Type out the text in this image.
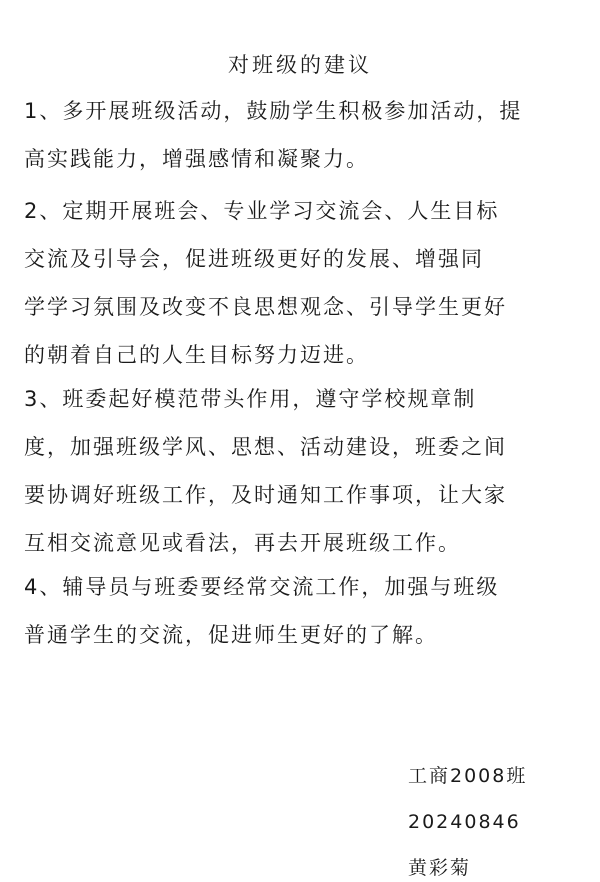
对班级的建议
1、多开展班级活动，鼓励学生积极参加活动，提
高实践能力，增强感情和凝聚力。
2、定期开展班会、专业学习交流会、人生目标
交流及引导会，促进班级更好的发展、增强同
学学习氛围及改变不良思想观念、引导学生更好
的朝着自己的人生目标努力迈进。
3、班委起好模范带头作用，遵守学校规章制
度，加强班级学风、思想、活动建设，班委之间
要协调好班级工作，及时通知工作事项，让大家
互相交流意见或看法，再去开展班级工作。
4、辅导员与班委要经常交流工作，加强与班级
普通学生的交流，促进师生更好的了解。
工商2008班
20240846
黄彩菊
